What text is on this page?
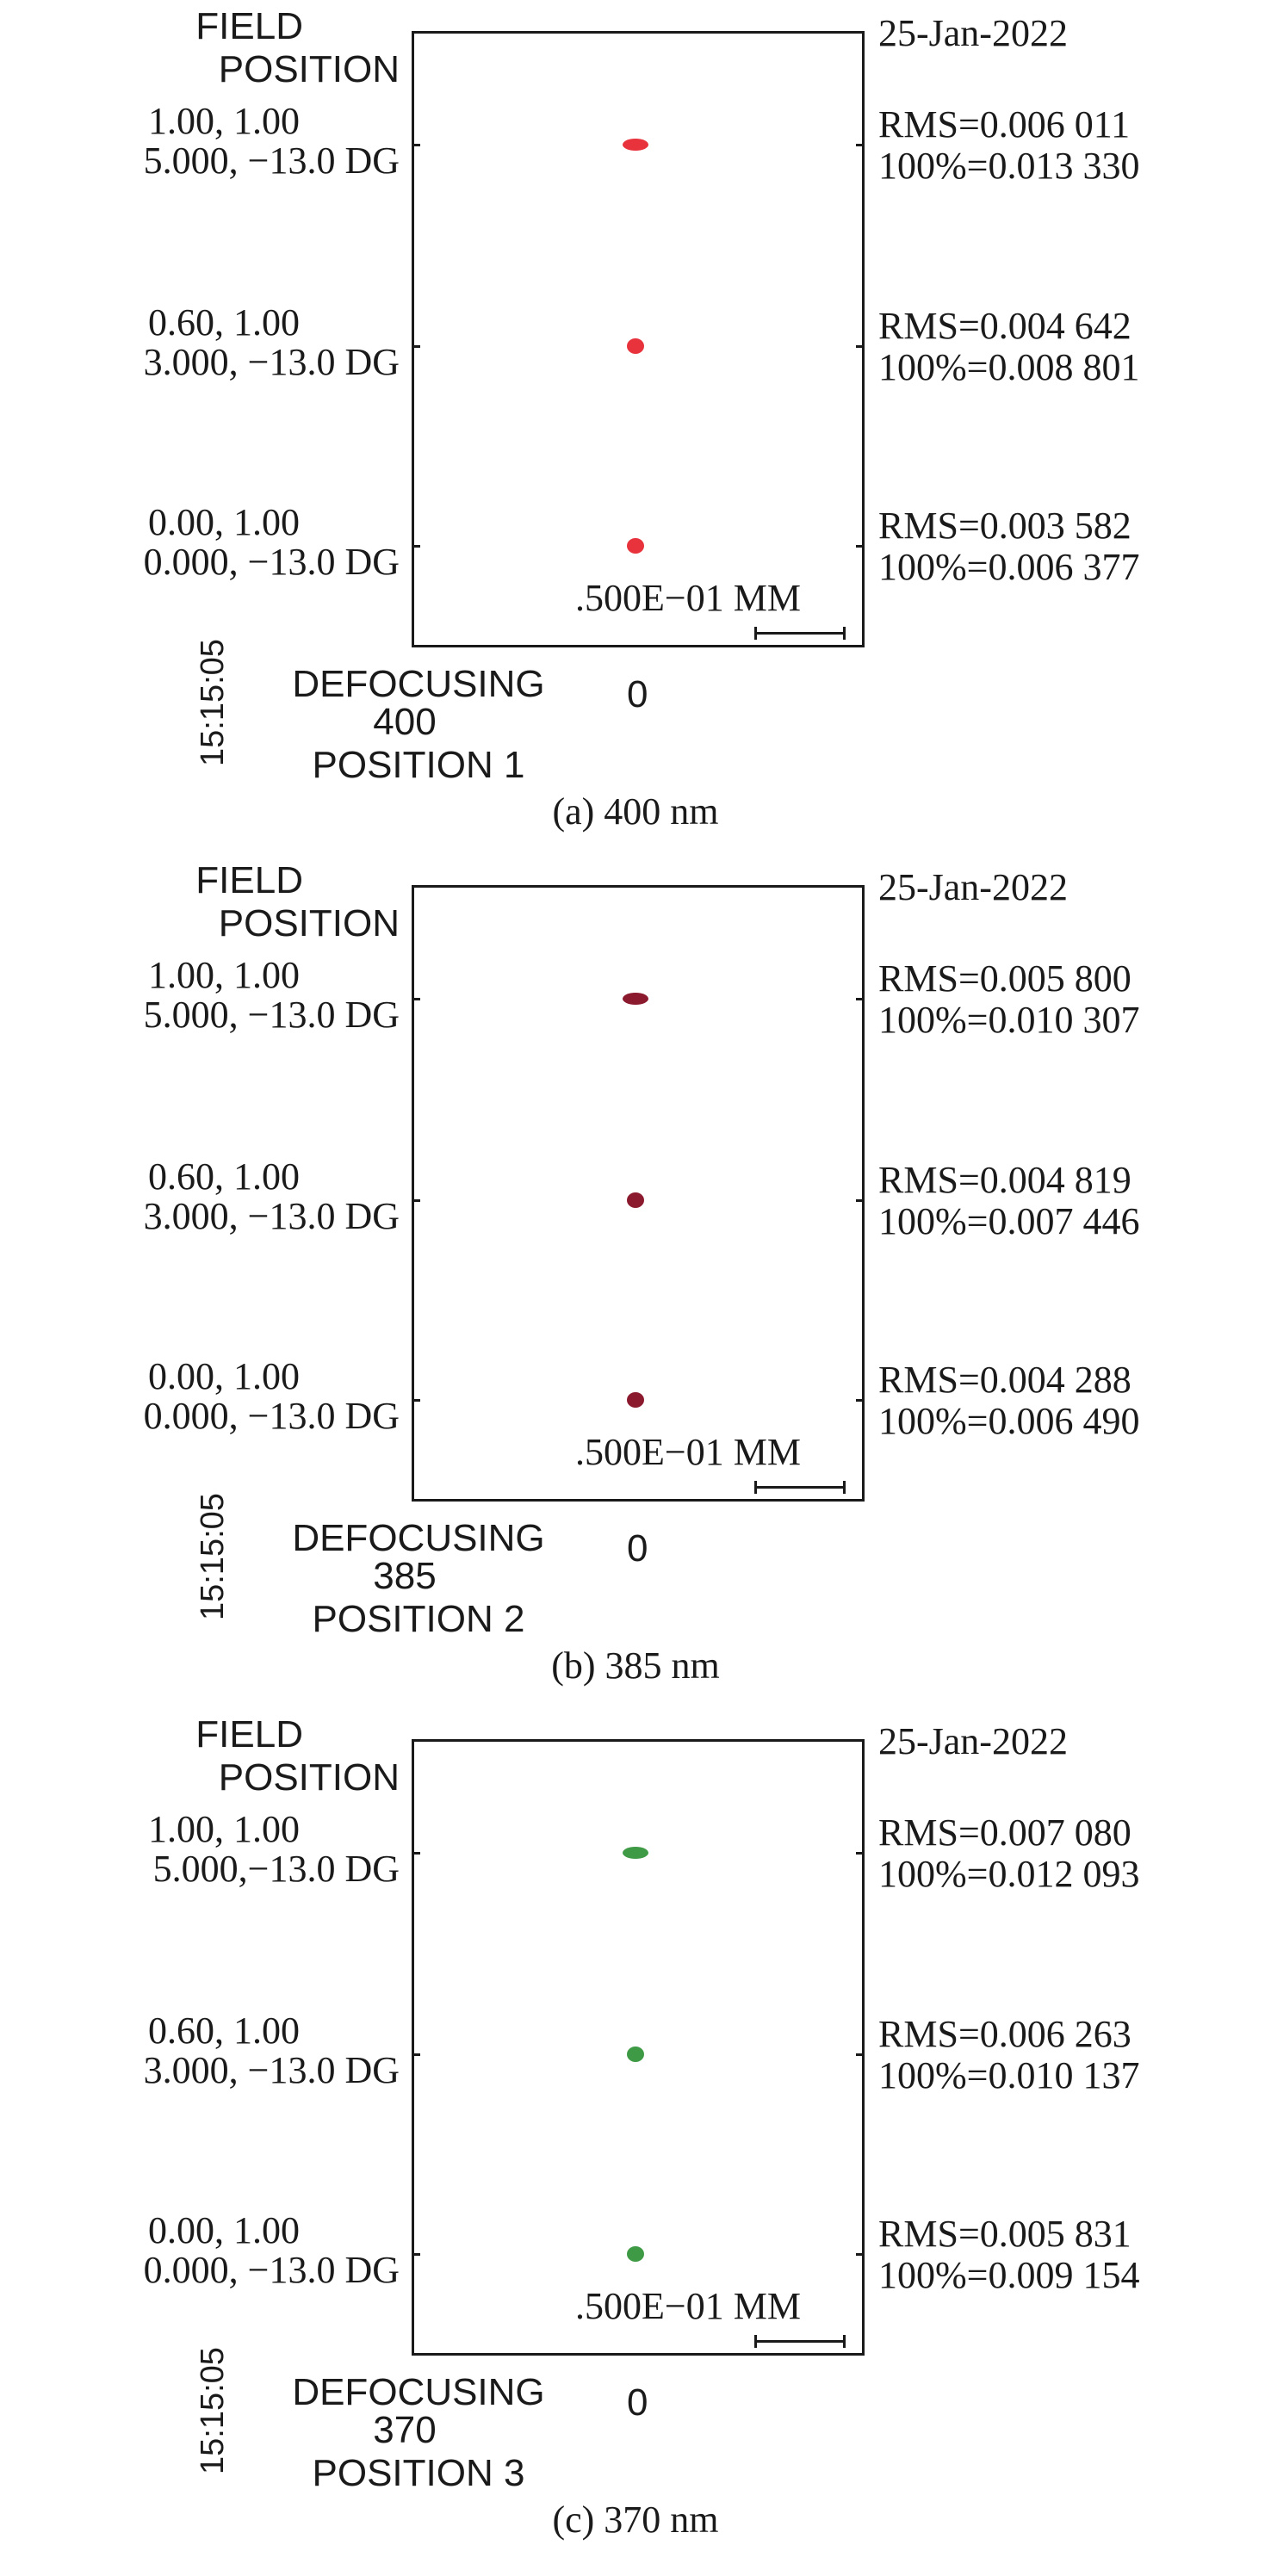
FIELD
POSITION
25-Jan-2022
1.00, 1.00
5.000, −13.0 DG
RMS=0.006 011
100%=0.013 330
0.60, 1.00
3.000, −13.0 DG
RMS=0.004 642
100%=0.008 801
0.00, 1.00
0.000, −13.0 DG
RMS=0.003 582
100%=0.006 377
.500E−01 MM
15:15:05	DEFOCUSING
400
POSITION 1
0
(a) 400 nm
FIELD
POSITION
25-Jan-2022
1.00, 1.00
5.000, −13.0 DG
RMS=0.005 800
100%=0.010 307
0.60, 1.00
3.000, −13.0 DG
RMS=0.004 819
100%=0.007 446
0.00, 1.00
0.000, −13.0 DG
RMS=0.004 288
100%=0.006 490
.500E−01 MM
15:15:05	DEFOCUSING
385
POSITION 2
0
(b) 385 nm
FIELD
POSITION
25-Jan-2022
1.00, 1.00
5.000,−13.0 DG
RMS=0.007 080
100%=0.012 093
0.60, 1.00
3.000, −13.0 DG
RMS=0.006 263
100%=0.010 137
0.00, 1.00
0.000, −13.0 DG
RMS=0.005 831
100%=0.009 154
.500E−01 MM
15:15:05	DEFOCUSING
370
POSITION 3
0
(c) 370 nm
